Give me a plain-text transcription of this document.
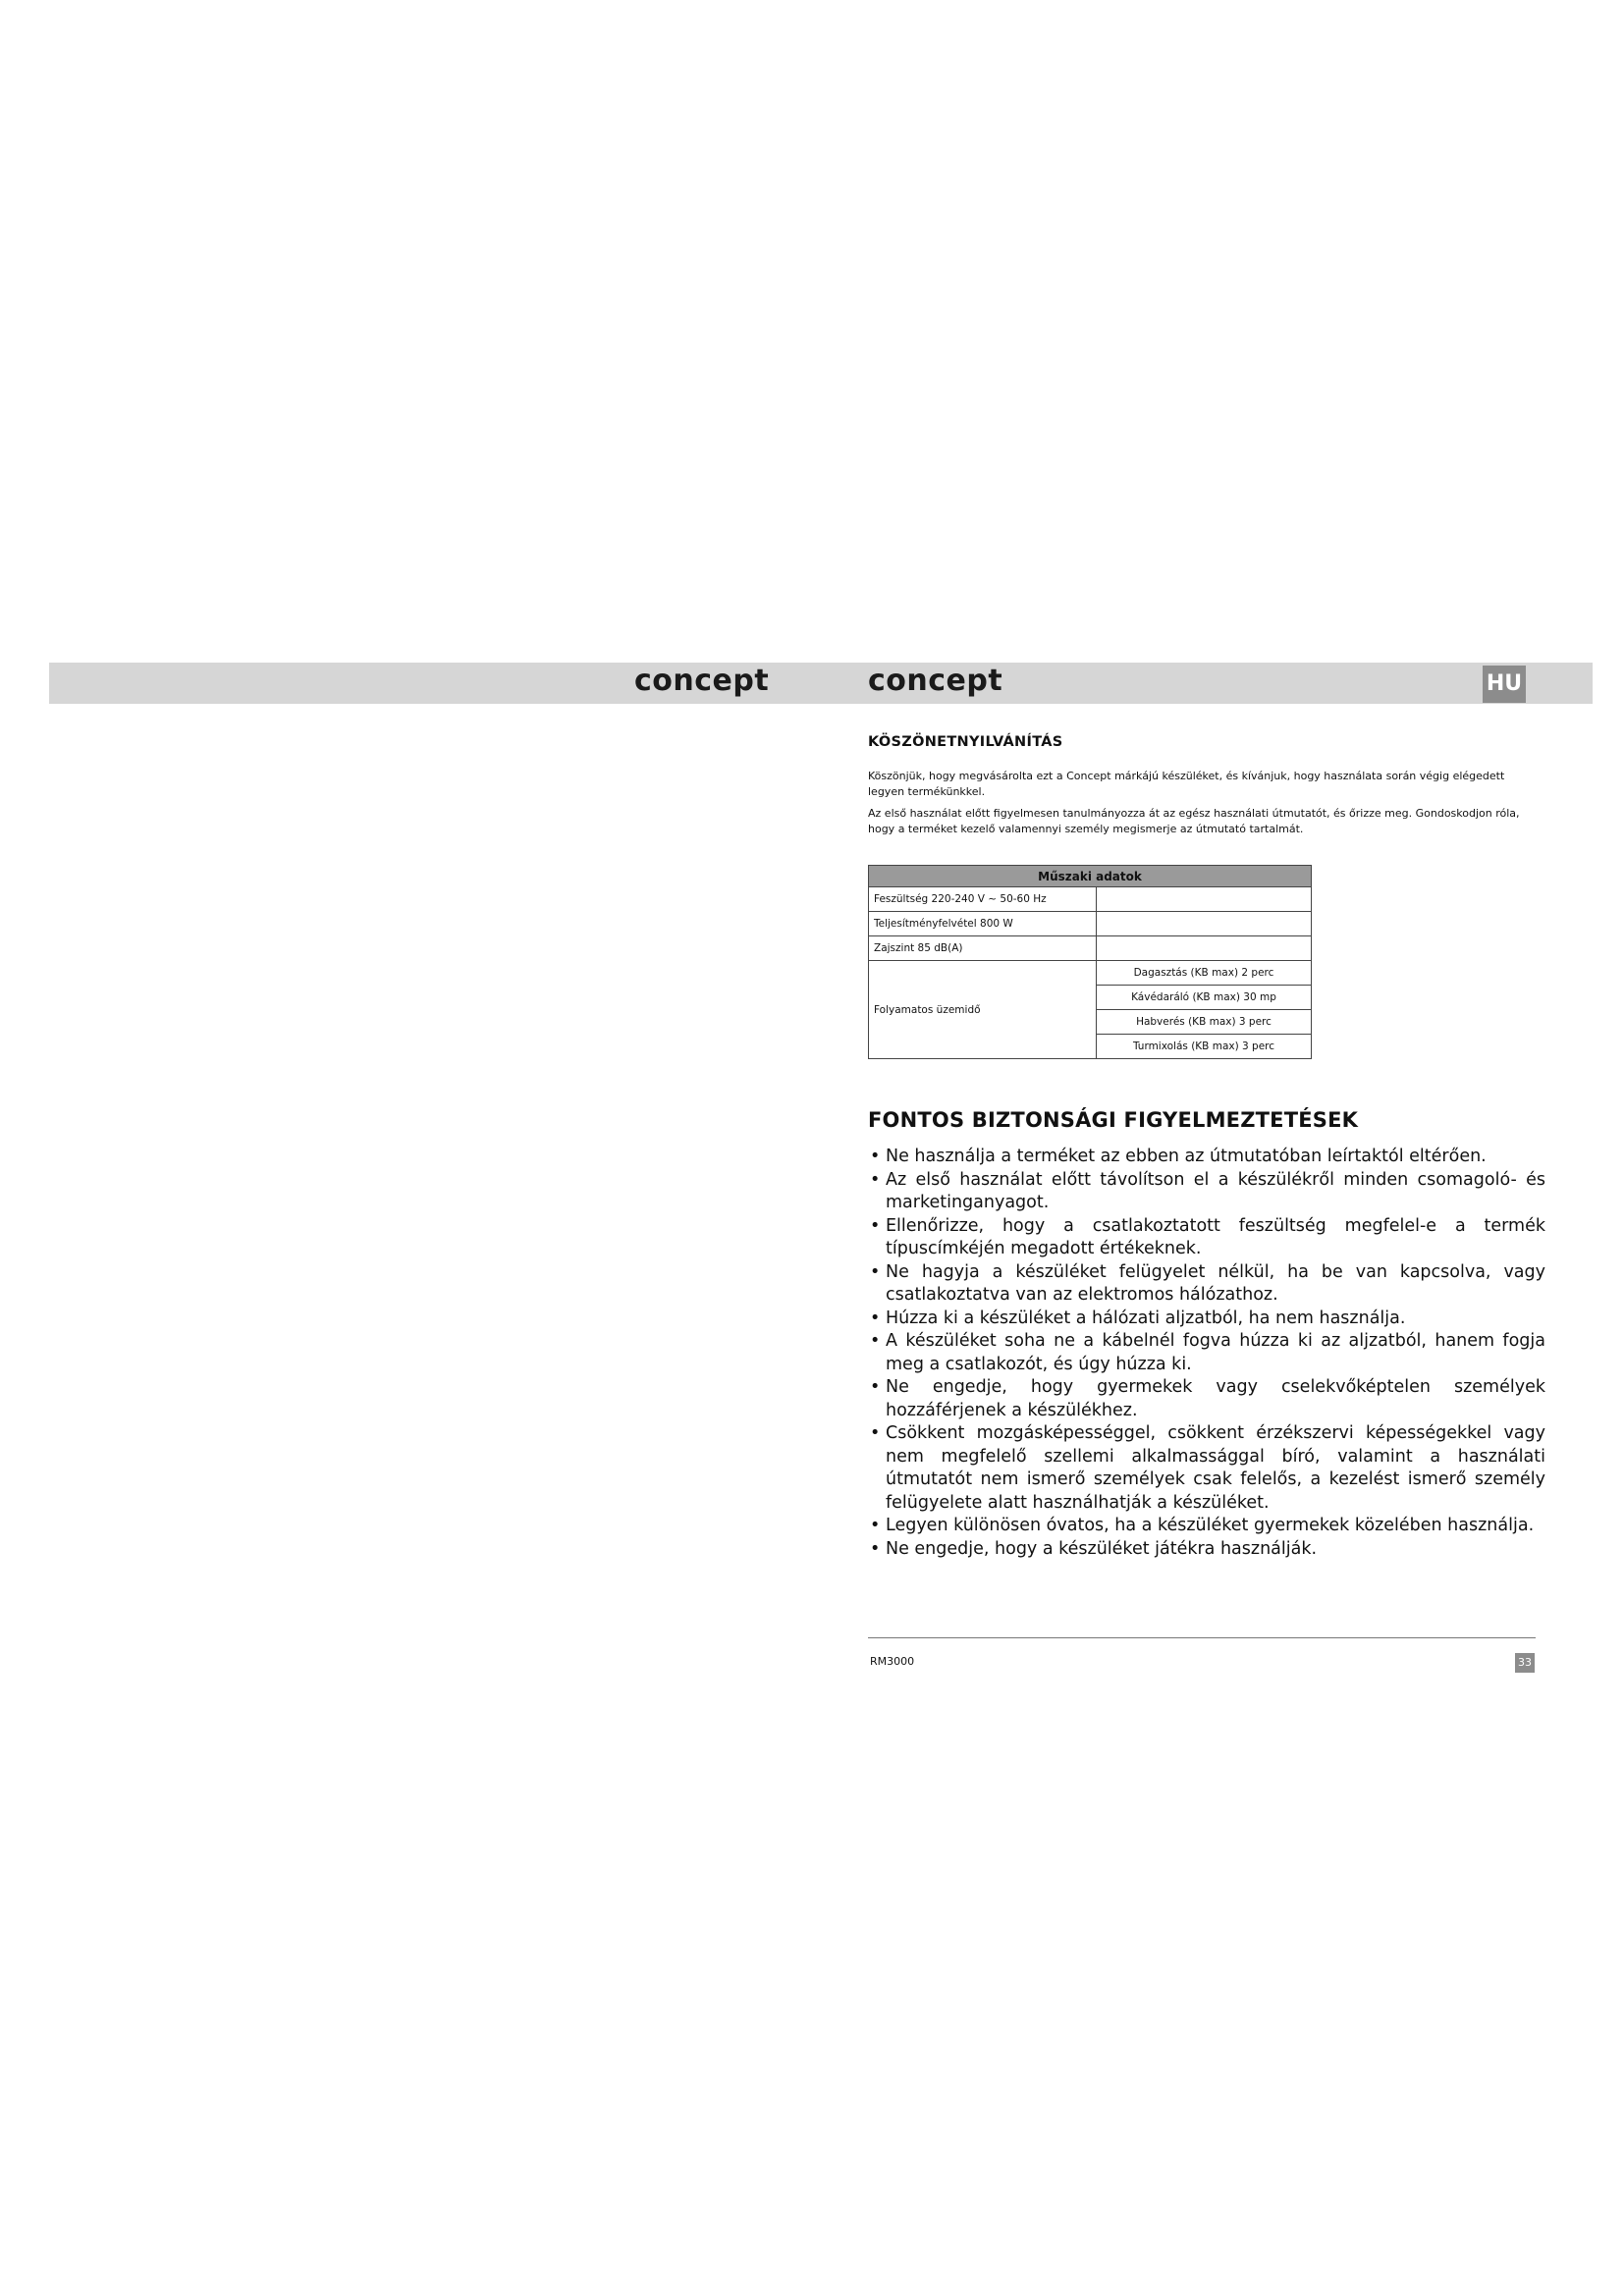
concept	concept	HU
KÖSZÖNETNYILVÁNÍTÁS

Köszönjük, hogy megvásárolta ezt a Concept márkájú készüléket, és kívánjuk, hogy használata során végig elégedett legyen termékünkkel.

Az első használat előtt figyelmesen tanulmányozza át az egész használati útmutatót, és őrizze meg. Gondoskodjon róla, hogy a terméket kezelő valamennyi személy megismerje az útmutató tartalmát.

Műszaki adatok	
Feszültség 220-240 V ~ 50-60 Hz	
Teljesítményfelvétel 800 W	
Zajszint 85 dB(A)	
Folyamatos üzemidő	Dagasztás (KB max) 2 perc
	Kávédaráló (KB max) 30 mp
	Habverés (KB max) 3 perc
	Turmixolás (KB max) 3 perc
FONTOS BIZTONSÁGI FIGYELMEZTETÉSEK
• Ne használja a terméket az ebben az útmutatóban leírtaktól eltérően.
• Az első használat előtt távolítson el a készülékről minden csomagoló- és marketinganyagot.
• Ellenőrizze, hogy a csatlakoztatott feszültség megfelel-e a termék típuscímkéjén megadott értékeknek.
• Ne hagyja a készüléket felügyelet nélkül, ha be van kapcsolva, vagy csatlakoztatva van az elektromos hálózathoz.
• Húzza ki a készüléket a hálózati aljzatból, ha nem használja.
• A készüléket soha ne a kábelnél fogva húzza ki az aljzatból, hanem fogja meg a csatlakozót, és úgy húzza ki.
• Ne engedje, hogy gyermekek vagy cselekvőképtelen személyek hozzáférjenek a készülékhez.
• Csökkent mozgásképességgel, csökkent érzékszervi képességekkel vagy nem megfelelő szellemi alkalmassággal bíró, valamint a használati útmutatót nem ismerő személyek csak felelős, a kezelést ismerő személy felügyelete alatt használhatják a készüléket.
• Legyen különösen óvatos, ha a készüléket gyermekek közelében használja.
• Ne engedje, hogy a készüléket játékra használják.
RM3000	33
